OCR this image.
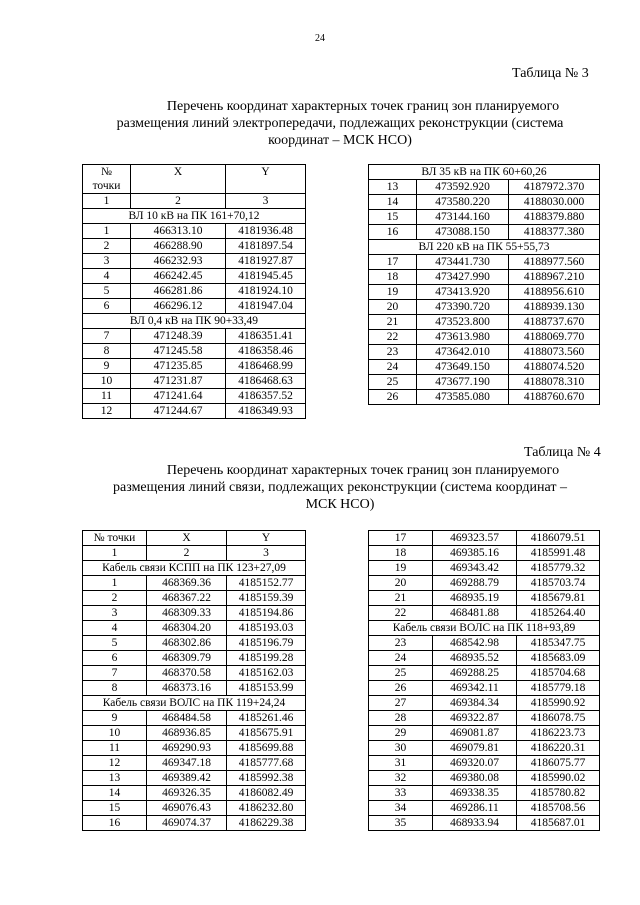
24
Таблица № 3
Перечень координат характерных точек границ зон планируемого
размещения линий электропередачи, подлежащих реконструкции (система
координат – МСК НСО)
№
точки	X	Y
1	2	3
ВЛ 10 кВ на ПК 161+70,12		
1	466313.10	4181936.48
2	466288.90	4181897.54
3	466232.93	4181927.87
4	466242.45	4181945.45
5	466281.86	4181924.10
6	466296.12	4181947.04
ВЛ 0,4 кВ на ПК 90+33,49		
7	471248.39	4186351.41
8	471245.58	4186358.46
9	471235.85	4186468.99
10	471231.87	4186468.63
11	471241.64	4186357.52
12	471244.67	4186349.93
ВЛ 35 кВ на ПК 60+60,26		
13	473592.920	4187972.370
14	473580.220	4188030.000
15	473144.160	4188379.880
16	473088.150	4188377.380
ВЛ 220 кВ на ПК 55+55,73		
17	473441.730	4188977.560
18	473427.990	4188967.210
19	473413.920	4188956.610
20	473390.720	4188939.130
21	473523.800	4188737.670
22	473613.980	4188069.770
23	473642.010	4188073.560
24	473649.150	4188074.520
25	473677.190	4188078.310
26	473585.080	4188760.670
Таблица № 4
Перечень координат характерных точек границ зон планируемого
размещения линий связи, подлежащих реконструкции (система координат –
МСК НСО)
№ точки	X	Y
1	2	3
Кабель связи КСПП на ПК 123+27,09		
1	468369.36	4185152.77
2	468367.22	4185159.39
3	468309.33	4185194.86
4	468304.20	4185193.03
5	468302.86	4185196.79
6	468309.79	4185199.28
7	468370.58	4185162.03
8	468373.16	4185153.99
Кабель связи ВОЛС на ПК 119+24,24		
9	468484.58	4185261.46
10	468936.85	4185675.91
11	469290.93	4185699.88
12	469347.18	4185777.68
13	469389.42	4185992.38
14	469326.35	4186082.49
15	469076.43	4186232.80
16	469074.37	4186229.38
17	469323.57	4186079.51
18	469385.16	4185991.48
19	469343.42	4185779.32
20	469288.79	4185703.74
21	468935.19	4185679.81
22	468481.88	4185264.40
Кабель связи ВОЛС на ПК 118+93,89		
23	468542.98	4185347.75
24	468935.52	4185683.09
25	469288.25	4185704.68
26	469342.11	4185779.18
27	469384.34	4185990.92
28	469322.87	4186078.75
29	469081.87	4186223.73
30	469079.81	4186220.31
31	469320.07	4186075.77
32	469380.08	4185990.02
33	469338.35	4185780.82
34	469286.11	4185708.56
35	468933.94	4185687.01
